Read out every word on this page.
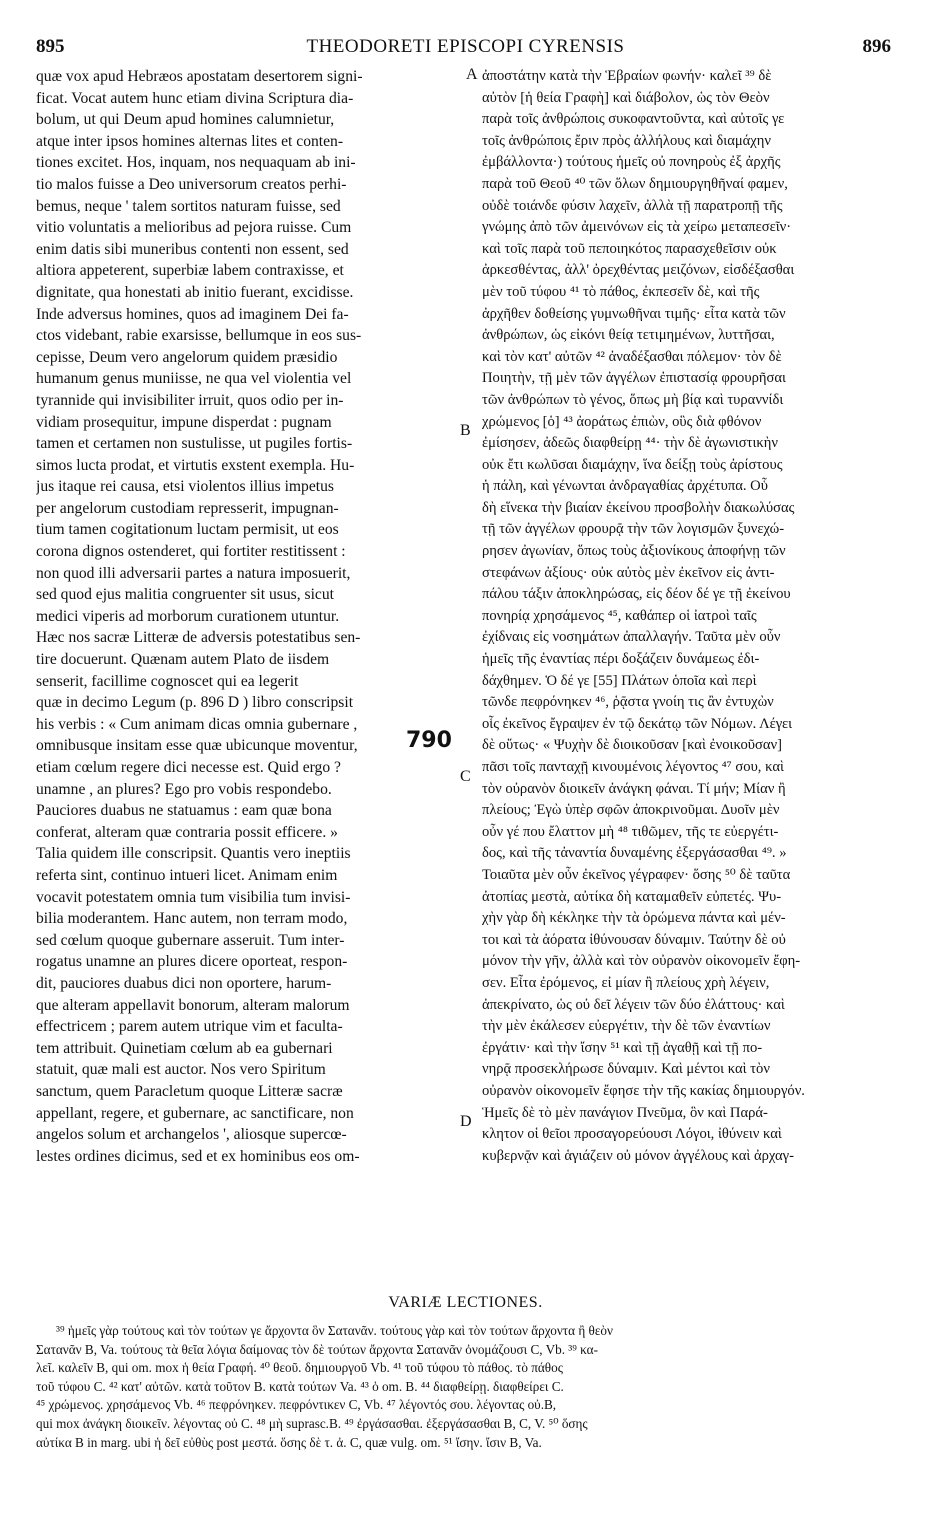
895	THEODORETI EPISCOPI CYRENSIS	896
quæ vox apud Hebræos apostatam desertorem signi-
ficat. Vocat autem hunc etiam divina Scriptura dia-
bolum, ut qui Deum apud homines calumnietur,
atque inter ipsos homines alternas lites et conten-
tiones excitet. Hos, inquam, nos nequaquam ab ini-
tio malos fuisse a Deo universorum creatos perhi-
bemus, neque ' talem sortitos naturam fuisse, sed
vitio voluntatis a melioribus ad pejora ruisse. Cum
enim datis sibi muneribus contenti non essent, sed
altiora appeterent, superbiæ labem contraxisse, et
dignitate, qua honestati ab initio fuerant, excidisse.
Inde adversus homines, quos ad imaginem Dei fa-
ctos videbant, rabie exarsisse, bellumque in eos sus-
cepisse, Deum vero angelorum quidem præsidio
humanum genus muniisse, ne qua vel violentia vel
tyrannide qui invisibiliter irruit, quos odio per in-
vidiam prosequitur, impune disperdat : pugnam
tamen et certamen non sustulisse, ut pugiles fortis-
simos lucta prodat, et virtutis exstent exempla. Hu-
jus itaque rei causa, etsi violentos illius impetus
per angelorum custodiam represserit, impugnan-
tium tamen cogitationum luctam permisit, ut eos
corona dignos ostenderet, qui fortiter restitissent :
non quod illi adversarii partes a natura imposuerit,
sed quod ejus malitia congruenter sit usus, sicut
medici viperis ad morborum curationem utuntur.
Hæc nos sacræ Litteræ de adversis potestatibus sen-
tire docuerunt. Quænam autem Plato de iisdem
senserit, facillime cognoscet qui ea legerit
quæ in decimo Legum (p. 896 D ) libro conscripsit
his verbis : « Cum animam dicas omnia gubernare ,
omnibusque insitam esse quæ ubicunque moventur,
etiam cœlum regere dici necesse est. Quid ergo ?
unamne , an plures? Ego pro vobis respondebo.
Pauciores duabus ne statuamus : eam quæ bona
conferat, alteram quæ contraria possit efficere. »
Talia quidem ille conscripsit. Quantis vero ineptiis
referta sint, continuo intueri licet. Animam enim
vocavit potestatem omnia tum visibilia tum invisi-
bilia moderantem. Hanc autem, non terram modo,
sed cœlum quoque gubernare asseruit. Tum inter-
rogatus unamne an plures dicere oporteat, respon-
dit, pauciores duabus dici non oportere, harum-
que alteram appellavit bonorum, alteram malorum
effectricem ; parem autem utrique vim et faculta-
tem attribuit. Quinetiam cœlum ab ea gubernari
statuit, quæ mali est auctor. Nos vero Spiritum
sanctum, quem Paracletum quoque Litteræ sacræ
appellant, regere, et gubernare, ac sanctificare, non
angelos solum et archangelos ', aliosque supercœ-
lestes ordines dicimus, sed et ex hominibus eos om-
ἀποστάτην κατὰ τὴν Ἑβραίων φωνήν· καλεῖ ³⁹ δὲ
αὐτὸν [ἡ θεία Γραφὴ] καὶ διάβολον, ὡς τὸν Θεὸν
παρὰ τοῖς ἀνθρώποις συκοφαντοῦντα, καὶ αὐτοῖς γε
τοῖς ἀνθρώποις ἔριν πρὸς ἀλλήλους καὶ διαμάχην
ἐμβάλλοντα·) τούτους ἡμεῖς οὐ πονηροὺς ἐξ ἀρχῆς
παρὰ τοῦ Θεοῦ ⁴⁰ τῶν ὅλων δημιουργηθῆναί φαμεν,
οὐδὲ τοιάνδε φύσιν λαχεῖν, ἀλλὰ τῇ παρατροπῇ τῆς
γνώμης ἀπὸ τῶν ἀμεινόνων εἰς τὰ χείρω μεταπεσεῖν·
καὶ τοῖς παρὰ τοῦ πεποιηκότος παρασχεθεῖσιν οὐκ
ἀρκεσθέντας, ἀλλ' ὀρεχθέντας μειζόνων, εἰσδέξασθαι
μὲν τοῦ τύφου ⁴¹ τὸ πάθος, ἐκπεσεῖν δὲ, καὶ τῆς
ἀρχῆθεν δοθείσης γυμνωθῆναι τιμῆς· εἶτα κατὰ τῶν
ἀνθρώπων, ὡς εἰκόνι θείᾳ τετιμημένων, λυττῆσαι,
καὶ τὸν κατ' αὐτῶν ⁴² ἀναδέξασθαι πόλεμον· τὸν δὲ
Ποιητὴν, τῇ μὲν τῶν ἀγγέλων ἐπιστασίᾳ φρουρῆσαι
τῶν ἀνθρώπων τὸ γένος, ὅπως μὴ βίᾳ καὶ τυραννίδι
χρώμενος [ὁ] ⁴³ ἀοράτως ἐπιὼν, οὓς διὰ φθόνον
ἐμίσησεν, ἀδεῶς διαφθείρῃ ⁴⁴· τὴν δὲ ἀγωνιστικὴν
οὐκ ἔτι κωλῦσαι διαμάχην, ἵνα δείξῃ τοὺς ἀρίστους
ἡ πάλη, καὶ γένωνται ἀνδραγαθίας ἀρχέτυπα. Οὗ
δὴ εἵνεκα τὴν βιαίαν ἐκείνου προσβολὴν διακωλύσας
τῇ τῶν ἀγγέλων φρουρᾷ τὴν τῶν λογισμῶν ξυνεχώ-
ρησεν ἀγωνίαν, ὅπως τοὺς ἀξιονίκους ἀποφήνῃ τῶν
στεφάνων ἀξίους· οὐκ αὐτὸς μὲν ἐκεῖνον εἰς ἀντι-
πάλου τάξιν ἀποκληρώσας, εἰς δέον δέ γε τῇ ἐκείνου
πονηρίᾳ χρησάμενος ⁴⁵, καθάπερ οἱ ἰατροὶ ταῖς
ἐχίδναις εἰς νοσημάτων ἀπαλλαγήν. Ταῦτα μὲν οὖν
ἡμεῖς τῆς ἐναντίας πέρι δοξάζειν δυνάμεως ἐδι-
δάχθημεν. Ὁ δέ γε [55] Πλάτων ὁποῖα καὶ περὶ
τῶνδε πεφρόνηκεν ⁴⁶, ῥᾷστα γνοίη τις ἂν ἐντυχὼν
οἷς ἐκεῖνος ἔγραψεν ἐν τῷ δεκάτῳ τῶν Νόμων. Λέγει
δὲ οὕτως· « Ψυχὴν δὲ διοικοῦσαν [καὶ ἐνοικοῦσαν]
πᾶσι τοῖς πανταχῇ κινουμένοις λέγοντος ⁴⁷ σου, καὶ
τὸν οὐρανὸν διοικεῖν ἀνάγκη φάναι. Τί μήν; Μίαν ἢ
πλείους; Ἐγὼ ὑπὲρ σφῶν ἀποκρινοῦμαι. Δυοῖν μὲν
οὖν γέ που ἔλαττον μὴ ⁴⁸ τιθῶμεν, τῆς τε εὐεργέτι-
δος, καὶ τῆς τἀναντία δυναμένης ἐξεργάσασθαι ⁴⁹. »
Τοιαῦτα μὲν οὖν ἐκεῖνος γέγραφεν· ὅσης ⁵⁰ δὲ ταῦτα
ἀτοπίας μεστὰ, αὐτίκα δὴ καταμαθεῖν εὐπετές. Ψυ-
χὴν γὰρ δὴ κέκληκε τὴν τὰ ὁρώμενα πάντα καὶ μέν-
τοι καὶ τὰ ἀόρατα ἰθύνουσαν δύναμιν. Ταύτην δὲ οὐ
μόνον τὴν γῆν, ἀλλὰ καὶ τὸν οὐρανὸν οἰκονομεῖν ἔφη-
σεν. Εἶτα ἐρόμενος, εἰ μίαν ἢ πλείους χρὴ λέγειν,
ἀπεκρίνατο, ὡς οὐ δεῖ λέγειν τῶν δύο ἐλάττους· καὶ
τὴν μὲν ἐκάλεσεν εὐεργέτιν, τὴν δὲ τῶν ἐναντίων
ἐργάτιν· καὶ τὴν ἴσην ⁵¹ καὶ τῇ ἀγαθῇ καὶ τῇ πο-
νηρᾷ προσεκλήρωσε δύναμιν. Καὶ μέντοι καὶ τὸν
οὐρανὸν οἰκονομεῖν ἔφησε τὴν τῆς κακίας δημιουργόν.
Ἡμεῖς δὲ τὸ μὲν πανάγιον Πνεῦμα, ὃν καὶ Παρά-
κλητον οἱ θεῖοι προσαγορεύουσι Λόγοι, ἰθύνειν καὶ
κυβερνᾷν καὶ ἁγιάζειν οὐ μόνον ἀγγέλους καὶ ἀρχαγ-
A
B
C
D
790
VARIÆ LECTIONES.
³⁹ ἡμεῖς γὰρ τούτους καὶ τὸν τούτων γε ἄρχοντα ὃν Σατανᾶν. τούτους γὰρ καὶ τὸν τούτων ἄρχοντα ἢ θεὸν
Σατανᾶν B, Va. τούτους τὰ θεῖα λόγια δαίμονας τὸν δὲ τούτων ἄρχοντα Σατανᾶν ὀνομάζουσι C, Vb. ³⁹ κα-
λεῖ. καλεῖν B, qui om. mox ἡ θεία Γραφή. ⁴⁰ θεοῦ. δημιουργοῦ Vb. ⁴¹ τοῦ τύφου τὸ πάθος. τὸ πάθος
τοῦ τύφου C. ⁴² κατ' αὐτῶν. κατὰ τοῦτον B. κατὰ τούτων Va. ⁴³ ὁ om. B. ⁴⁴ διαφθείρῃ. διαφθείρει C.
⁴⁵ χρώμενος. χρησάμενος Vb. ⁴⁶ πεφρόνηκεν. πεφρόντικεν C, Vb. ⁴⁷ λέγοντός σου. λέγοντας οὐ.B,
qui mox ἀνάγκη διοικεῖν. λέγοντας οὐ C. ⁴⁸ μὴ suprasc.B. ⁴⁹ ἐργάσασθαι. ἐξεργάσασθαι B, C, V. ⁵⁰ ὅσης
αὐτίκα B in marg. ubi ἡ δεῖ εὐθὺς post μεστά. ὅσης δὲ τ. ἀ. C, quæ vulg. om. ⁵¹ ἴσην. ἴσιν B, Va.
